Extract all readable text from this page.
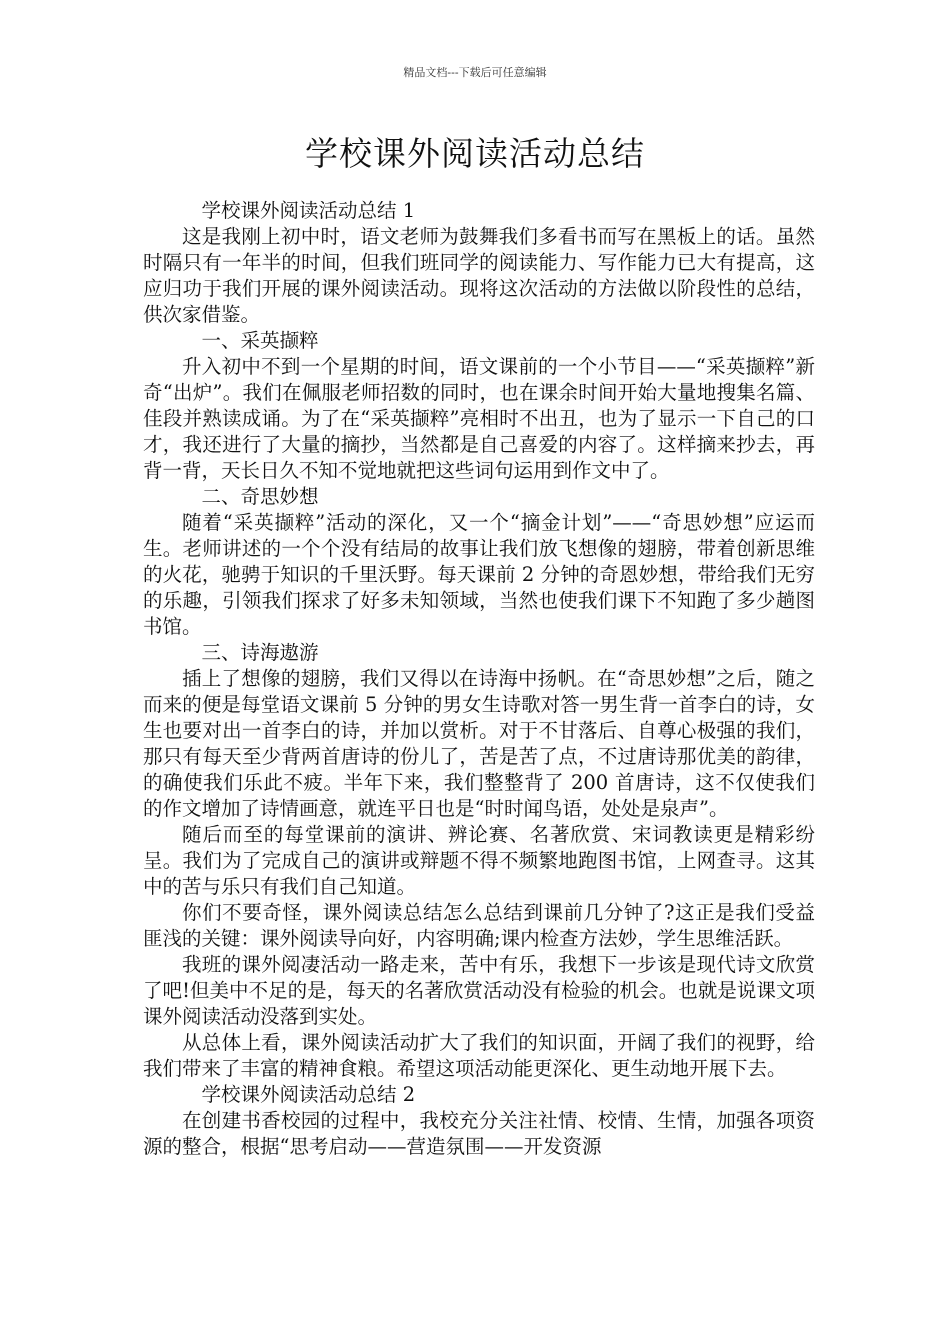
精品文档---下载后可任意编辑
学校课外阅读活动总结

学校课外阅读活动总结 1

这是我刚上初中时，语文老师为鼓舞我们多看书而写在黑板上的话。虽然时隔只有一年半的时间，但我们班同学的阅读能力、写作能力已大有提高，这应归功于我们开展的课外阅读活动。现将这次活动的方法做以阶段性的总结，供次家借鉴。

一、采英撷粹

升入初中不到一个星期的时间，语文课前的一个小节目——“采英撷粹”新奇“出炉”。我们在佩服老师招数的同时，也在课余时间开始大量地搜集名篇、佳段并熟读成诵。为了在“采英撷粹”亮相时不出丑，也为了显示一下自己的口才，我还进行了大量的摘抄，当然都是自己喜爱的内容了。这样摘来抄去，再背一背，天长日久不知不觉地就把这些词句运用到作文中了。

二、奇思妙想

随着“采英撷粹”活动的深化，又一个“摘金计划”——“奇思妙想”应运而生。老师讲述的一个个没有结局的故事让我们放飞想像的翅膀，带着创新思维的火花，驰骋于知识的千里沃野。每天课前 2 分钟的奇恩妙想，带给我们无穷的乐趣，引领我们探求了好多未知领域，当然也使我们课下不知跑了多少趟图书馆。

三、诗海遨游

插上了想像的翅膀，我们又得以在诗海中扬帆。在“奇思妙想”之后，随之而来的便是每堂语文课前 5 分钟的男女生诗歌对答一男生背一首李白的诗，女生也要对出一首李白的诗，并加以赏析。对于不甘落后、自尊心极强的我们，那只有每天至少背两首唐诗的份儿了，苦是苦了点，不过唐诗那优美的韵律，的确使我们乐此不疲。半年下来，我们整整背了 200 首唐诗，这不仅使我们的作文增加了诗情画意，就连平日也是“时时闻鸟语，处处是泉声”。

随后而至的每堂课前的演讲、辨论赛、名著欣赏、宋词教读更是精彩纷呈。我们为了完成自己的演讲或辩题不得不频繁地跑图书馆，上网查寻。这其中的苦与乐只有我们自己知道。

你们不要奇怪，课外阅读总结怎么总结到课前几分钟了?这正是我们受益匪浅的关键：课外阅读导向好，内容明确;课内检查方法妙，学生思维活跃。

我班的课外阅凄活动一路走来，苦中有乐，我想下一步该是现代诗文欣赏了吧!但美中不足的是，每天的名著欣赏活动没有检验的机会。也就是说课文项课外阅读活动没落到实处。

从总体上看，课外阅读活动扩大了我们的知识面，开阔了我们的视野，给我们带来了丰富的精神食粮。希望这项活动能更深化、更生动地开展下去。

学校课外阅读活动总结 2

在创建书香校园的过程中，我校充分关注社情、校情、生情，加强各项资源的整合，根据“思考启动——营造氛围——开发资源
